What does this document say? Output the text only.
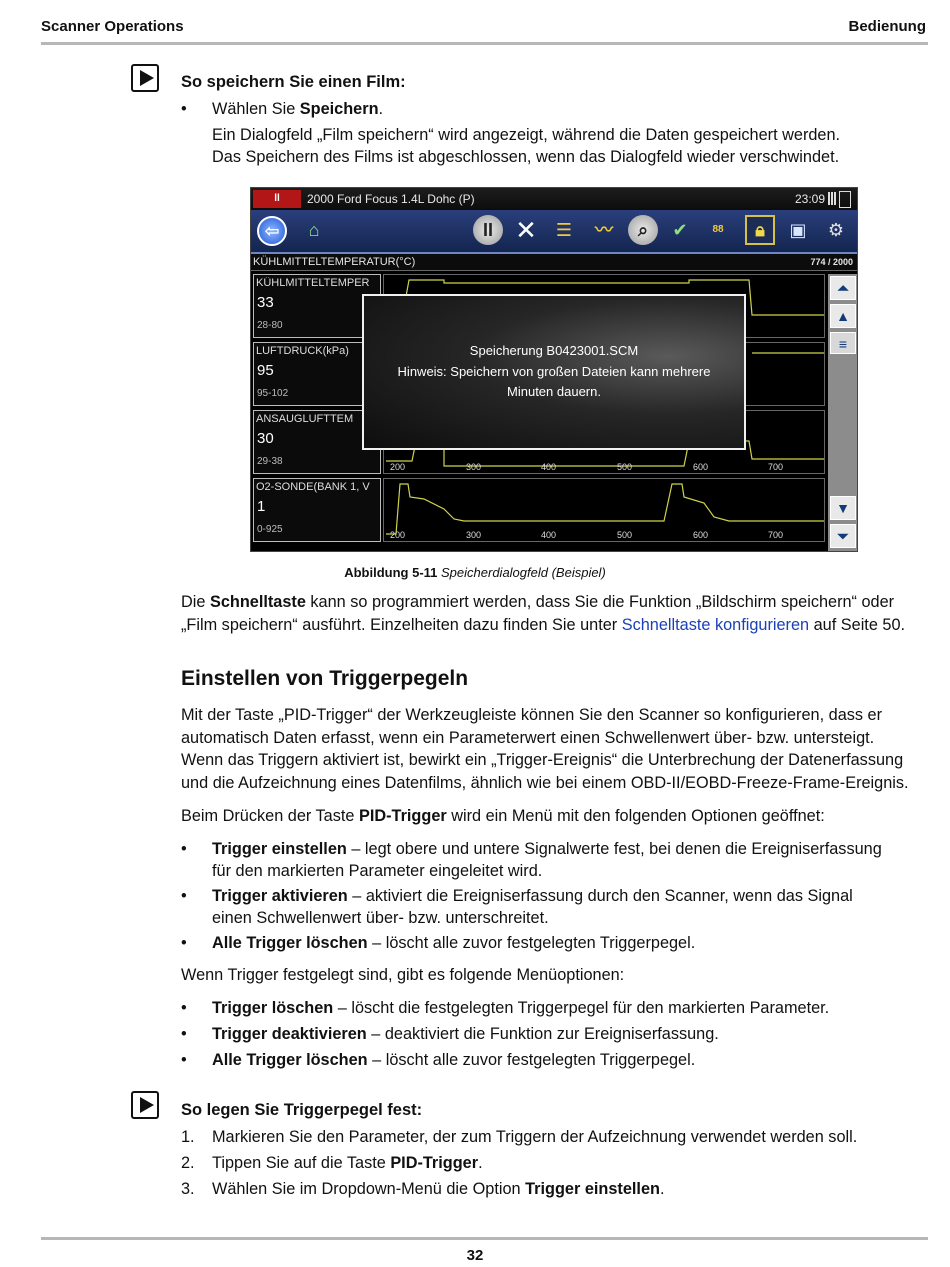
Scanner Operations	Bedienung
So speichern Sie einen Film:
• Wählen Sie Speichern.
Ein Dialogfeld „Film speichern“ wird angezeigt, während die Daten gespeichert werden.
Das Speichern des Films ist abgeschlossen, wenn das Dialogfeld wieder verschwindet.
ll	2000 Ford Focus 1.4L Dohc (P)	23:09
⇦	⌂	II ✕	☰	〰	⌕	✔	88	🔒︎	▣	⚙
KÜHLMITTELTEMPERATUR(°C)	774 / 2000
KÜHLMITTELTEMPER
33
28-80
LUFTDRUCK(kPa)
95
95-102
ANSAUGLUFTTEM
30
29-38	200	300	400	500	600	700
O2-SONDE(BANK 1, V
1
0-925	200	300	400	500	600	700
⏶
▲
≡
▼
⏷
Speicherung B0423001.SCM
Hinweis: Speichern von großen Dateien kann mehrere
Minuten dauern.
Abbildung 5-11 Speicherdialogfeld (Beispiel)
Die Schnelltaste kann so programmiert werden, dass Sie die Funktion „Bildschirm speichern“ oder
„Film speichern“ ausführt. Einzelheiten dazu finden Sie unter Schnelltaste konfigurieren auf Seite 50.
Einstellen von Triggerpegeln
Mit der Taste „PID-Trigger“ der Werkzeugleiste können Sie den Scanner so konfigurieren, dass er
automatisch Daten erfasst, wenn ein Parameterwert einen Schwellenwert über- bzw. untersteigt.
Wenn das Triggern aktiviert ist, bewirkt ein „Trigger-Ereignis“ die Unterbrechung der Datenerfassung
und die Aufzeichnung eines Datenfilms, ähnlich wie bei einem OBD-II/EOBD-Freeze-Frame-Ereignis.
Beim Drücken der Taste PID-Trigger wird ein Menü mit den folgenden Optionen geöffnet:
• Trigger einstellen – legt obere und untere Signalwerte fest, bei denen die Ereigniserfassung
für den markierten Parameter eingeleitet wird.
• Trigger aktivieren – aktiviert die Ereigniserfassung durch den Scanner, wenn das Signal
einen Schwellenwert über- bzw. unterschreitet.
• Alle Trigger löschen – löscht alle zuvor festgelegten Triggerpegel.
Wenn Trigger festgelegt sind, gibt es folgende Menüoptionen:
• Trigger löschen – löscht die festgelegten Triggerpegel für den markierten Parameter.
• Trigger deaktivieren – deaktiviert die Funktion zur Ereigniserfassung.
• Alle Trigger löschen – löscht alle zuvor festgelegten Triggerpegel.
So legen Sie Triggerpegel fest:
1. Markieren Sie den Parameter, der zum Triggern der Aufzeichnung verwendet werden soll.
2. Tippen Sie auf die Taste PID-Trigger.
3. Wählen Sie im Dropdown-Menü die Option Trigger einstellen.
32
